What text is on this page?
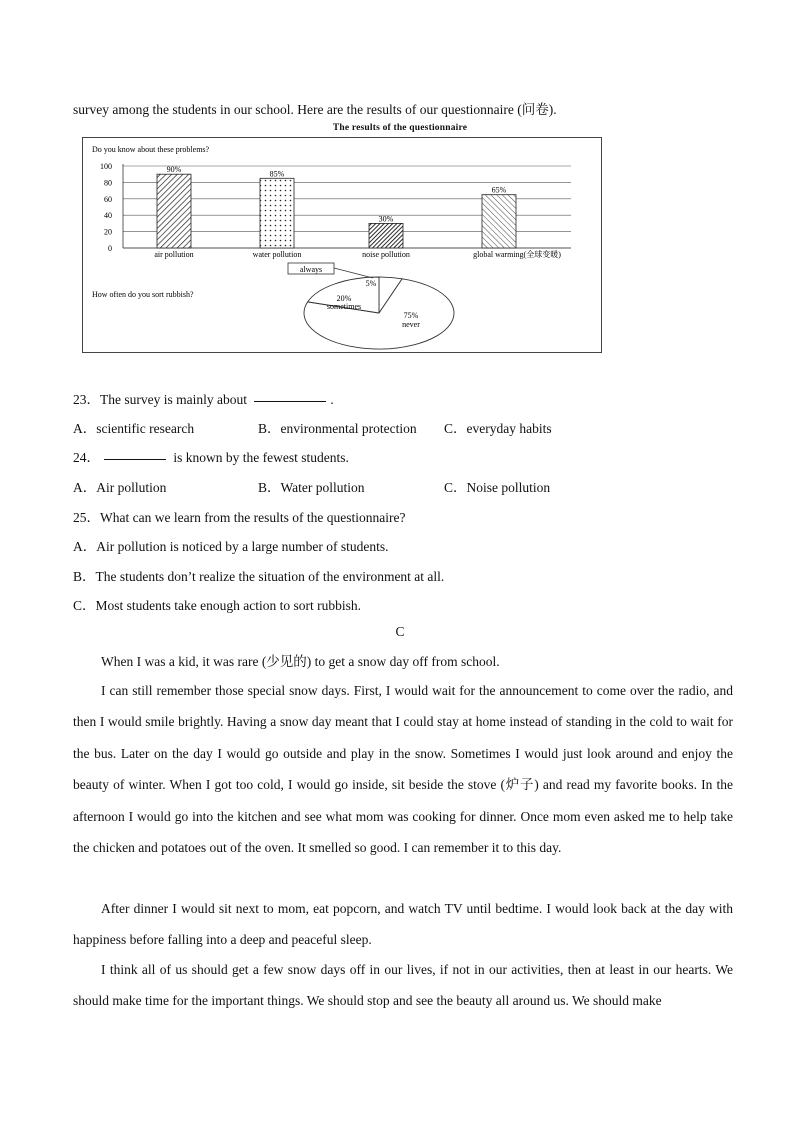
survey among the students in our school. Here are the results of our questionnaire (问卷).
The results of the questionnaire
Do you know about these problems?
0
20
40
60
80
100	90%
air pollution
85%
water pollution
30%
noise pollution
65%
global warming(全球变暖)
How often do you sort rubbish?
always
5%
20%
sometimes
75%
never
23．The survey is mainly about	.
A．scientific research	B．environmental protection C．everyday habits
24．	is known by the fewest students.
A．Air pollution	B．Water pollution	C．Noise pollution
25．What can we learn from the results of the questionnaire?
A．Air pollution is noticed by a large number of students.
B．The students don’t realize the situation of the environment at all.
C．Most students take enough action to sort rubbish.
C
When I was a kid, it was rare (少见的) to get a snow day off from school.
I can still remember those special snow days. First, I would wait for the announcement to come over the radio, and then I would smile brightly. Having a snow day meant that I could stay at home instead of standing in the cold to wait for the bus. Later on the day I would go outside and play in the snow. Sometimes I would just look around and enjoy the beauty of winter. When I got too cold, I would go inside, sit beside the stove (炉子) and read my favorite books. In the afternoon I would go into the kitchen and see what mom was cooking for dinner. Once mom even asked me to help take the chicken and potatoes out of the oven. It smelled so good. I can remember it to this day.
After dinner I would sit next to mom, eat popcorn, and watch TV until bedtime. I would look back at the day with happiness before falling into a deep and peaceful sleep.
I think all of us should get a few snow days off in our lives, if not in our activities, then at least in our hearts. We should make time for the important things. We should stop and see the beauty all around us. We should make
